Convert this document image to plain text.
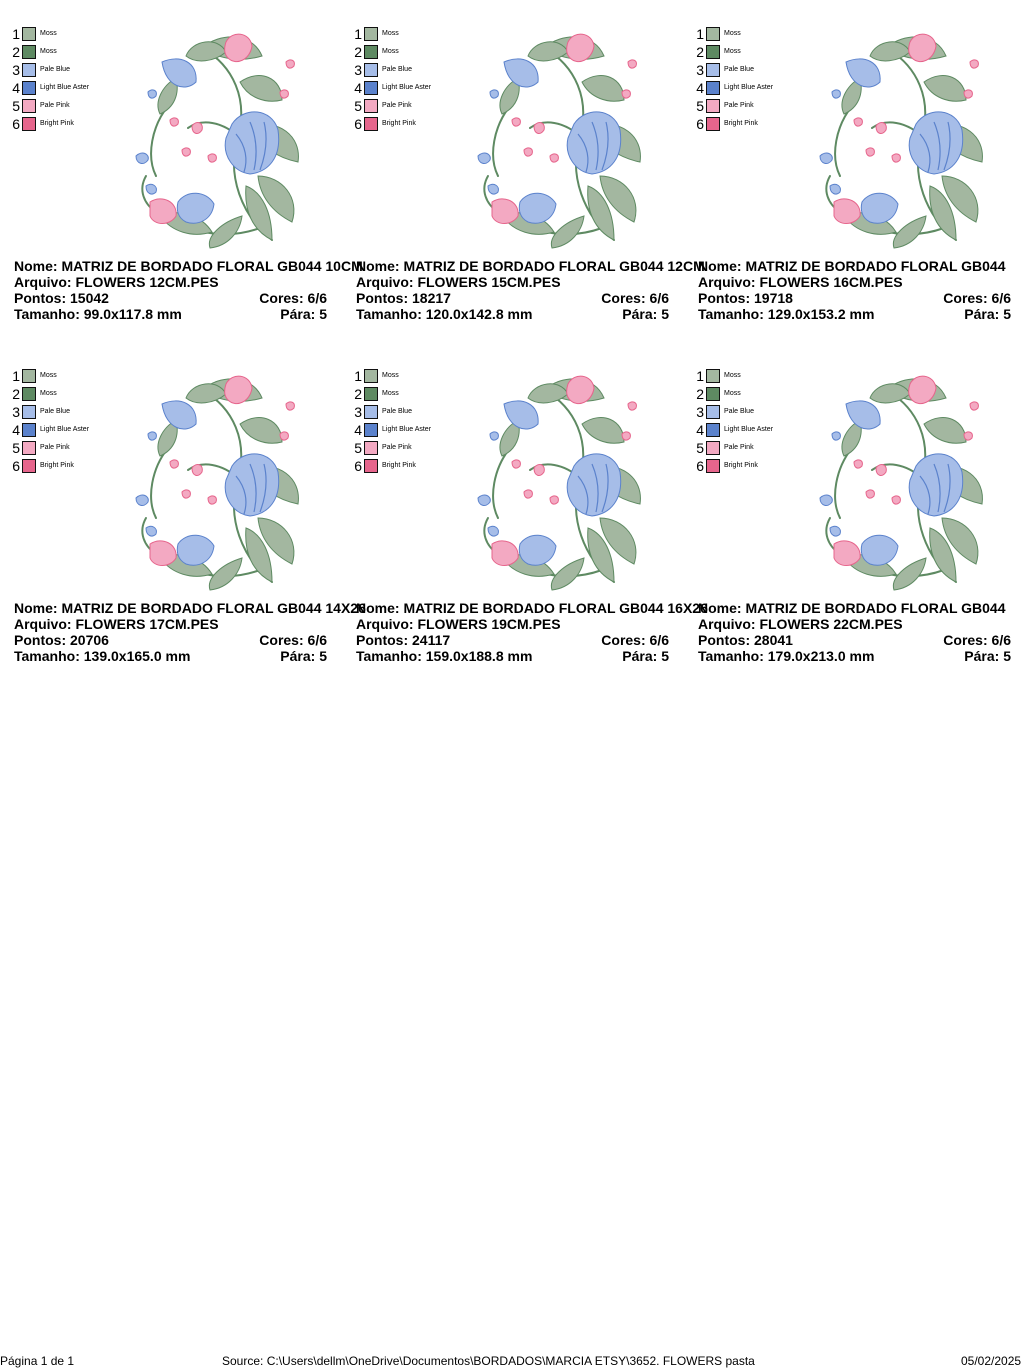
1	Moss
2	Moss
3	Pale Blue
4	Light Blue Aster
5	Pale Pink
6	Bright Pink
Nome: MATRIZ DE BORDADO FLORAL GB044 10CM
Arquivo: FLOWERS 12CM.PES
Pontos: 15042	Cores: 6/6
Tamanho: 99.0x117.8 mm	Pára: 5
1	Moss
2	Moss
3	Pale Blue
4	Light Blue Aster
5	Pale Pink
6	Bright Pink
Nome: MATRIZ DE BORDADO FLORAL GB044 12CM
Arquivo: FLOWERS 15CM.PES
Pontos: 18217	Cores: 6/6
Tamanho: 120.0x142.8 mm	Pára: 5
1	Moss
2	Moss
3	Pale Blue
4	Light Blue Aster
5	Pale Pink
6	Bright Pink
Nome: MATRIZ DE BORDADO FLORAL GB044
Arquivo: FLOWERS 16CM.PES
Pontos: 19718	Cores: 6/6
Tamanho: 129.0x153.2 mm	Pára: 5
1	Moss
2	Moss
3	Pale Blue
4	Light Blue Aster
5	Pale Pink
6	Bright Pink
Nome: MATRIZ DE BORDADO FLORAL GB044 14X26
Arquivo: FLOWERS 17CM.PES
Pontos: 20706	Cores: 6/6
Tamanho: 139.0x165.0 mm	Pára: 5
1	Moss
2	Moss
3	Pale Blue
4	Light Blue Aster
5	Pale Pink
6	Bright Pink
Nome: MATRIZ DE BORDADO FLORAL GB044 16X26
Arquivo: FLOWERS 19CM.PES
Pontos: 24117	Cores: 6/6
Tamanho: 159.0x188.8 mm	Pára: 5
1	Moss
2	Moss
3	Pale Blue
4	Light Blue Aster
5	Pale Pink
6	Bright Pink
Nome: MATRIZ DE BORDADO FLORAL GB044
Arquivo: FLOWERS 22CM.PES
Pontos: 28041	Cores: 6/6
Tamanho: 179.0x213.0 mm	Pára: 5
Página 1 de 1	Source: C:\Users\dellm\OneDrive\Documentos\BORDADOS\MARCIA ETSY\3652. FLOWERS pasta	05/02/2025
